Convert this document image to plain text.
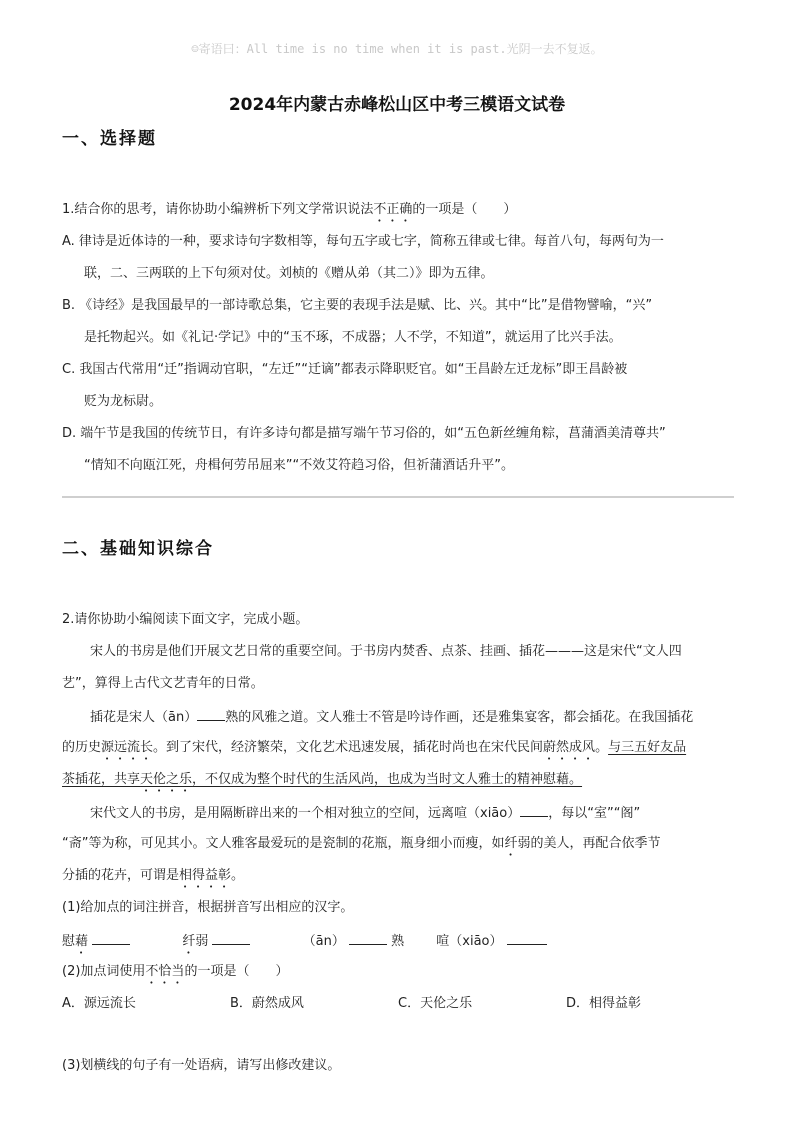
☺寄语曰：All time is no time when it is past.光阴一去不复返。
2024年内蒙古赤峰松山区中考三模语文试卷
一、选择题
1.结合你的思考，请你协助小编辨析下列文学常识说法不正确的一项是（　　）
A. 律诗是近体诗的一种，要求诗句字数相等，每句五字或七字，简称五律或七律。每首八句，每两句为一
联，二、三两联的上下句须对仗。刘桢的《赠从弟（其二）》即为五律。
B. 《诗经》是我国最早的一部诗歌总集，它主要的表现手法是赋、比、兴。其中“比”是借物譬喻，“兴”
是托物起兴。如《礼记·学记》中的“玉不琢，不成器；人不学，不知道”，就运用了比兴手法。
C. 我国古代常用“迁”指调动官职，“左迁”“迁谪”都表示降职贬官。如“王昌龄左迁龙标”即王昌龄被
贬为龙标尉。
D. 端午节是我国的传统节日，有许多诗句都是描写端午节习俗的，如“五色新丝缠角粽，菖蒲酒美清尊共”
“情知不向瓯江死，舟楫何劳吊屈来”“不效艾符趋习俗，但祈蒲酒话升平”。
二、基础知识综合
2.请你协助小编阅读下面文字，完成小题。
宋人的书房是他们开展文艺日常的重要空间。于书房内焚香、点茶、挂画、插花———这是宋代“文人四
艺”，算得上古代文艺青年的日常。
插花是宋人（ān） 熟的风雅之道。文人雅士不管是吟诗作画，还是雅集宴客，都会插花。在我国插花
的历史源远流长。到了宋代，经济繁荣，文化艺术迅速发展，插花时尚也在宋代民间蔚然成风。与三五好友品
茶插花，共享天伦之乐，不仅成为整个时代的生活风尚，也成为当时文人雅士的精神慰藉。
宋代文人的书房，是用隔断辟出来的一个相对独立的空间，远离喧（xiāo） ，每以“室”“阁”
“斋”等为称，可见其小。文人雅客最爱玩的是瓷制的花瓶，瓶身细小而瘦，如纤弱的美人，再配合依季节
分插的花卉，可谓是相得益彰。
(1)给加点的词注拼音，根据拼音写出相应的汉字。
慰藉	纤弱	（ān）	熟 喧（xiāo）
(2)加点词使用不恰当的一项是（　　）
A．源远流长	B．蔚然成风	C．天伦之乐	D．相得益彰
(3)划横线的句子有一处语病，请写出修改建议。
